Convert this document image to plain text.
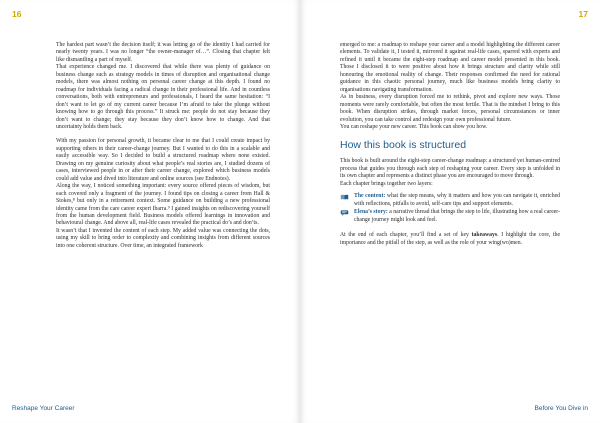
16

The hardest part wasn’t the decision itself; it was letting go of the identity I had carried for nearly twenty years. I was no longer “the owner-manager of…”. Closing that chapter felt like dismantling a part of myself.

That experience changed me. I discovered that while there was plenty of guidance on business change such as strategy models in times of disruption and organisational change models, there was almost nothing on personal career change at this depth. I found no roadmap for individuals facing a radical change in their professional life. And in countless conversations, both with entrepreneurs and professionals, I heard the same hesitation: “I don’t want to let go of my current career because I’m afraid to take the plunge without knowing how to go through this process.” It struck me: people do not stay because they don’t want to change; they stay because they don’t know how to change. And that uncertainty holds them back.

With my passion for personal growth, it became clear to me that I could create impact by supporting others in their career-change journey. But I wanted to do this in a scalable and easily accessible way. So I decided to build a structured roadmap where none existed. Drawing on my genuine curiosity about what people’s real stories are, I studied dozens of cases, interviewed people in or after their career change, explored which business models could add value and dived into literature and online sources (see Endnotes).

Along the way, I noticed something important: every source offered pieces of wisdom, but each covered only a fragment of the journey. I found tips on closing a career from Hall & Stokes,⁸ but only in a retirement context. Some guidance on building a new professional identity came from the care career expert Ibarra.⁹ I gained insights on rediscovering yourself from the human development field. Business models offered learnings in innovation and behavioural change. And above all, real-life cases revealed the practical do’s and don’ts.

It wasn’t that I invented the content of each step. My added value was connecting the dots, using my skill to bring order to complexity and combining insights from different sources into one coherent structure. Over time, an integrated framework

Reshape Your Career
17

emerged to me: a roadmap to reshape your career and a model highlighting the different career elements. To validate it, I tested it, mirrored it against real-life cases, sparred with experts and refined it until it became the eight-step roadmap and career model presented in this book. Those I disclosed it to were positive about how it brings structure and clarity while still honouring the emotional reality of change. Their responses confirmed the need for rational guidance in this chaotic personal journey, much like business models bring clarity to organisations navigating transformation.

As in business, every disruption forced me to rethink, pivot and explore new ways. Those moments were rarely comfortable, but often the most fertile. That is the mindset I bring to this book. When disruption strikes, through market forces, personal circumstances or inner evolution, you can take control and redesign your own professional future.

You can reshape your new career. This book can show you how.

How this book is structured

This book is built around the eight-step career-change roadmap: a structured yet human-centred process that guides you through each step of reshaping your career. Every step is unfolded in its own chapter and represents a distinct phase you are encouraged to move through.

Each chapter brings together two layers:

The content: what the step means, why it matters and how you can navigate it, enriched with reflections, pitfalls to avoid, self-care tips and support elements.
Elena’s story: a narrative thread that brings the step to life, illustrating how a real career-change journey might look and feel.

At the end of each chapter, you’ll find a set of key takeaways. I highlight the core, the importance and the pitfall of the step, as well as the role of your wing(wo)men.

Before You Dive in
